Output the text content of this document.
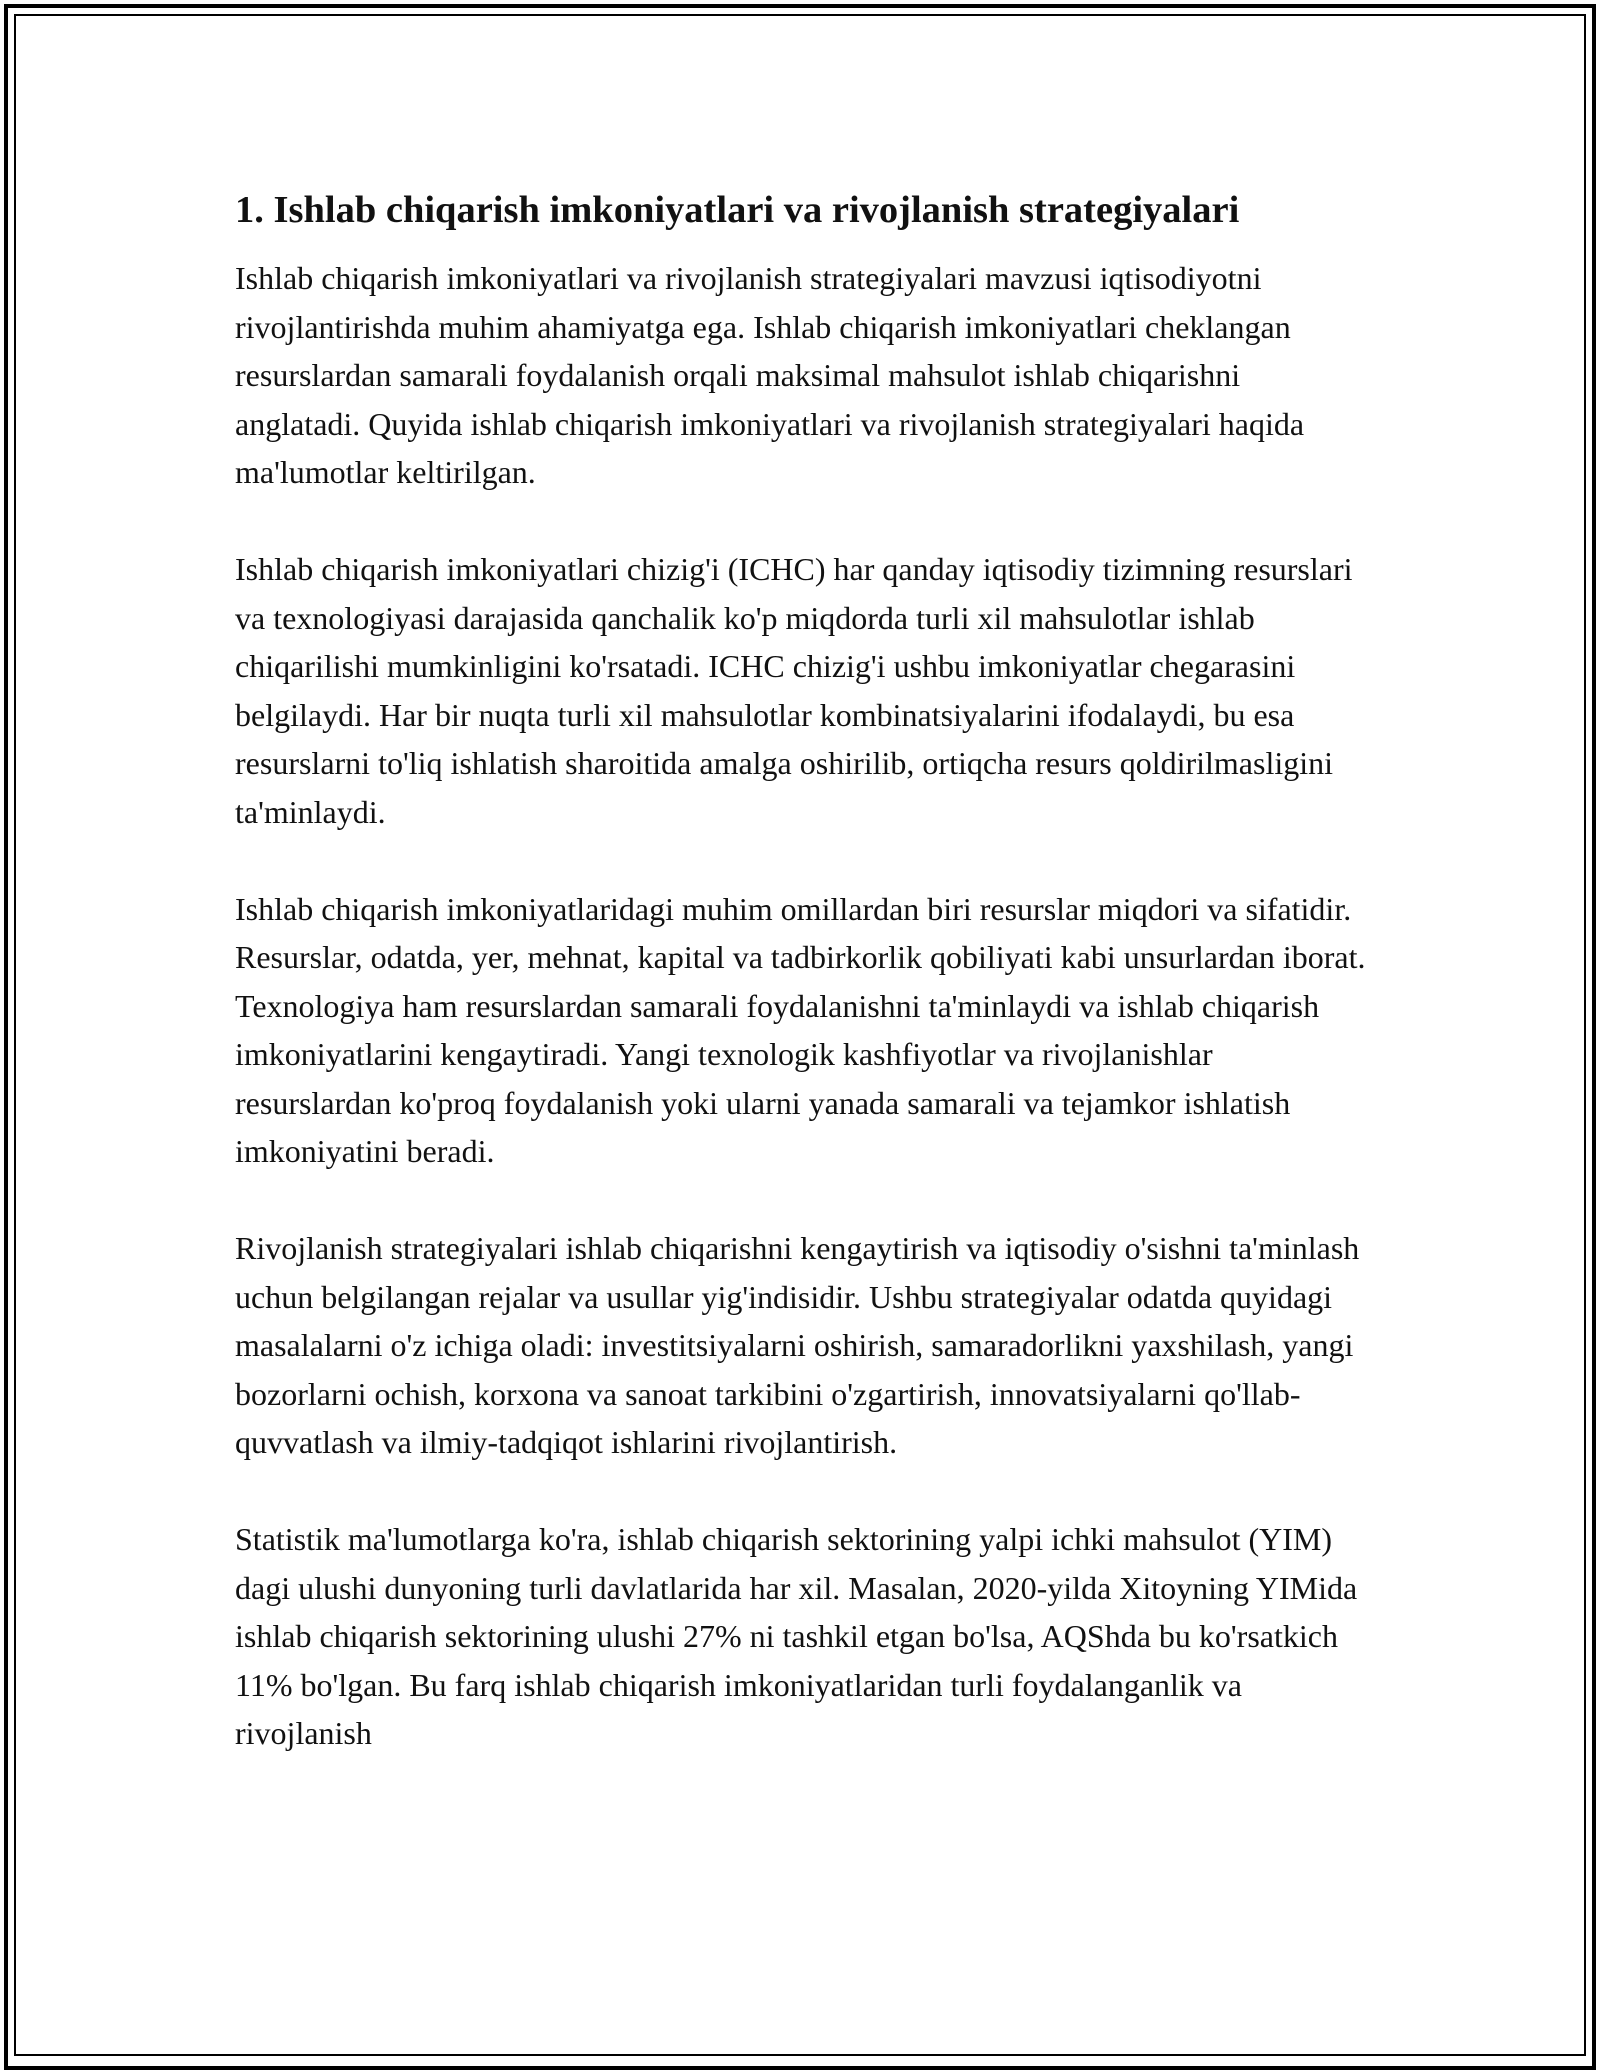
1. Ishlab chiqarish imkoniyatlari va rivojlanish strategiyalari

Ishlab chiqarish imkoniyatlari va rivojlanish strategiyalari mavzusi iqtisodiyotni rivojlantirishda muhim ahamiyatga ega. Ishlab chiqarish imkoniyatlari cheklangan resurslardan samarali foydalanish orqali maksimal mahsulot ishlab chiqarishni anglatadi. Quyida ishlab chiqarish imkoniyatlari va rivojlanish strategiyalari haqida ma'lumotlar keltirilgan.

Ishlab chiqarish imkoniyatlari chizig'i (ICHC) har qanday iqtisodiy tizimning resurslari va texnologiyasi darajasida qanchalik ko'p miqdorda turli xil mahsulotlar ishlab chiqarilishi mumkinligini ko'rsatadi. ICHC chizig'i ushbu imkoniyatlar chegarasini belgilaydi. Har bir nuqta turli xil mahsulotlar kombinatsiyalarini ifodalaydi, bu esa resurslarni to'liq ishlatish sharoitida amalga oshirilib, ortiqcha resurs qoldirilmasligini ta'minlaydi.

Ishlab chiqarish imkoniyatlaridagi muhim omillardan biri resurslar miqdori va sifatidir. Resurslar, odatda, yer, mehnat, kapital va tadbirkorlik qobiliyati kabi unsurlardan iborat. Texnologiya ham resurslardan samarali foydalanishni ta'minlaydi va ishlab chiqarish imkoniyatlarini kengaytiradi. Yangi texnologik kashfiyotlar va rivojlanishlar resurslardan ko'proq foydalanish yoki ularni yanada samarali va tejamkor ishlatish imkoniyatini beradi.

Rivojlanish strategiyalari ishlab chiqarishni kengaytirish va iqtisodiy o'sishni ta'minlash uchun belgilangan rejalar va usullar yig'indisidir. Ushbu strategiyalar odatda quyidagi masalalarni o'z ichiga oladi: investitsiyalarni oshirish, samaradorlikni yaxshilash, yangi bozorlarni ochish, korxona va sanoat tarkibini o'zgartirish, innovatsiyalarni qo'llab-quvvatlash va ilmiy-tadqiqot ishlarini rivojlantirish.

Statistik ma'lumotlarga ko'ra, ishlab chiqarish sektorining yalpi ichki mahsulot (YIM) dagi ulushi dunyoning turli davlatlarida har xil. Masalan, 2020-yilda Xitoyning YIMida ishlab chiqarish sektorining ulushi 27% ni tashkil etgan bo'lsa, AQShda bu ko'rsatkich 11% bo'lgan. Bu farq ishlab chiqarish imkoniyatlaridan turli foydalanganlik va rivojlanish
